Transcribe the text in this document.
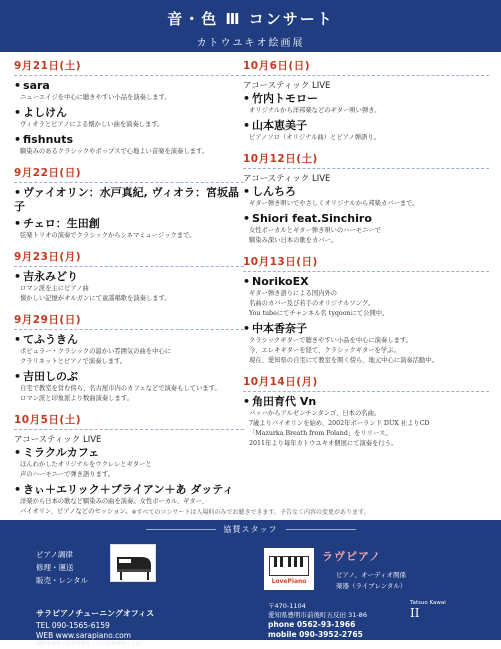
音・色 Ⅲ コンサート
カトウユキオ絵画展
9月21日(土)
• sara
ニューエイジを中心に聴きやすい小品を演奏します。
• よしけん
ヴィオラとピアノによる懐かしい曲を演奏します。
• fishnuts
馴染みのあるクラシックやポップスで心地よい音楽を演奏します。
9月22日(日)
• ヴァイオリン：水戸真紀, ヴィオラ：宮坂晶子
• チェロ：生田創
弦楽トリオの演奏でクラシックからシネマミュージックまで。
9月23日(月)
• 吉永みどり
ロマン派を主にピアノ曲
懐かしい記憶がオルガンにて童謡唱歌を演奏します。
9月29日(日)
• てふうきん
ポピュラー・クラシックの温かい雰囲気の曲を中心に
クラリネットとピアノで演奏します。
• 吉田しのぶ
自宅で教室を営む傍ら、名古屋市内のカフェなどで演奏もしています。
ロマン派と印象派より数曲演奏します。
10月5日(土)
アコースティック LIVE
• ミラクルカフェ
ほんわかしたオリジナルをウクレレとギターと
声のハーモニーで弾き語ります。
• きぃ＋エリック＋ブライアン＋あ ダッティ
洋楽から日本の歌など馴染みの曲を演奏。女性ボーカル、ギター、
バイオリン、ピアノなどのセッション。
10月6日(日)
アコースティック LIVE
• 竹内トモロー
オリジナルから洋邦楽などのギター唄い弾き。
• 山本恵美子
ピアノソロ（オリジナル曲）とピアノ弾語り。
10月12日(土)
アコースティック LIVE
• しんちろ
ギター弾き唄いでやさしくオリジナルから邦楽カバーまで。
• Shiori feat.Sinchiro
女性ボーカルとギター弾き唄いのハーモニーで
馴染み深い日本の歌をカバー。
10月13日(日)
• NorikoEX
ギター弾き語りによる国内外の
名曲のカバー及び若手のオリジナルソング。
You tubeにてチャンネル名 tyqoonにて公開中。
• 中本香奈子
クラシックギターで聴きやすい小品を中心に演奏します。
今、エレキギターを経て、クラシックギターを学ぶ。
現在、愛知県の自宅にて教室を開く傍ら、地元中心に演奏活動中。
10月14日(月)
• 角田育代 Vn
バッハからアルゼンチンタンゴ、日本の名曲。
7歳よりバイオリンを始め、2002年ポーランド DUX 社よりCD
「Mazurka Breath from Poland」をリリース。
2011年より毎年カトウユキオ個展にて演奏を行う。
※すべてのコンサートは入場料のみでお聴きできます。予告なく内容の変更があります。
協賛スタッフ
ピアノ調律
修理・運送
販売・レンタル
サラピアノチューニングオフィス
TEL 090-1565-6159
WEB www.sarapiano.com
岡崎事務所 / 岸谷事務所 / 名古屋事務所・工房
LovePiano
ラヴピアノ
ピアノ、オーディオ関係
楽器（ライブレンタル）
〒470-1104
愛知県豊明市前後町五反田 31-86
phone 0562-93-1966
mobile 090-3952-2765
愛知県古物商許可証 第54252102300号 道具商
Tatsuo Kawai
II
